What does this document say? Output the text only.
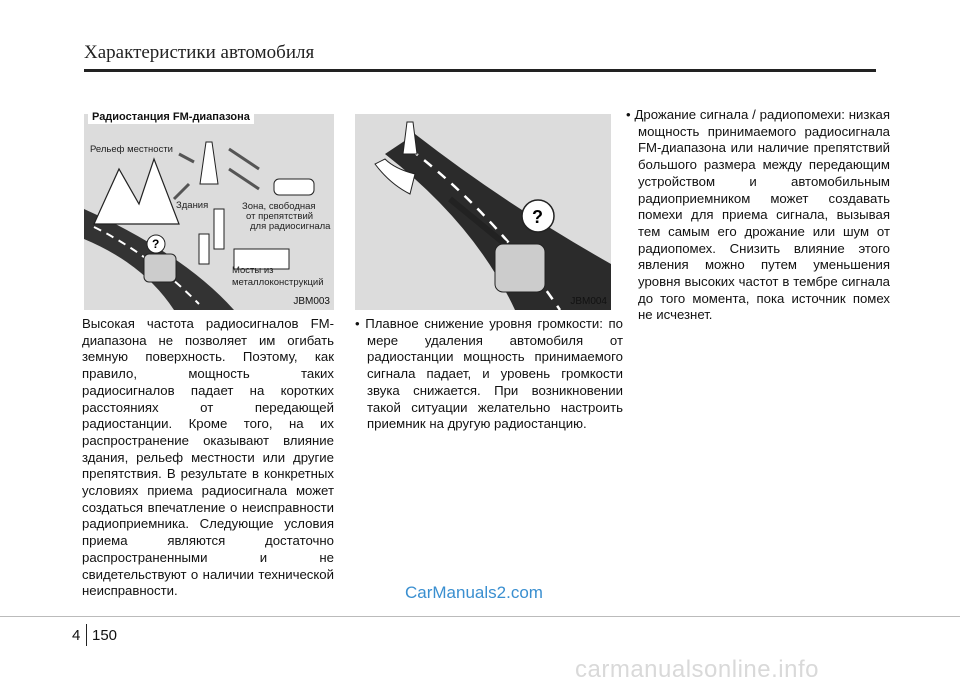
Характеристики автомобиля
?
Рельеф местности
Здания	Зона, свободная
от препятствий
для радиосигнала
Мосты из
металлоконструкций
JBM003
Радиостанция FM-диапазона
?
JBM004
Высокая частота радиосигналов FM-диапазона не позволяет им огибать земную поверхность. Поэтому, как правило, мощность таких радиосигналов падает на коротких расстояниях от передающей радиостанции. Кроме того, на их распространение оказывают влияние здания, рельеф местности или другие препятствия. В результате в конкретных условиях приема радиосигнала может создаться впечатление о неисправности радиоприемника. Следующие условия приема являются достаточно распространенными и не свидетельствуют о наличии технической неисправности.
• Плавное снижение уровня громкости: по мере удаления автомобиля от радиостанции мощность принимаемого сигнала падает, и уровень громкости звука снижается. При возникновении такой ситуации желательно настроить приемник на другую радиостанцию.
• Дрожание сигнала / радиопомехи: низкая мощность принимаемого радиосигнала FM-диапазона или наличие препятствий большого размера между передающим устройством и автомобильным радиоприемником может создавать помехи для приема сигнала, вызывая тем самым его дрожание или шум от радиопомех. Снизить влияние этого явления можно путем уменьшения уровня высоких частот в тембре сигнала до того момента, пока источник помех не исчезнет.
CarManuals2.com
4 150
carmanualsonline.info
